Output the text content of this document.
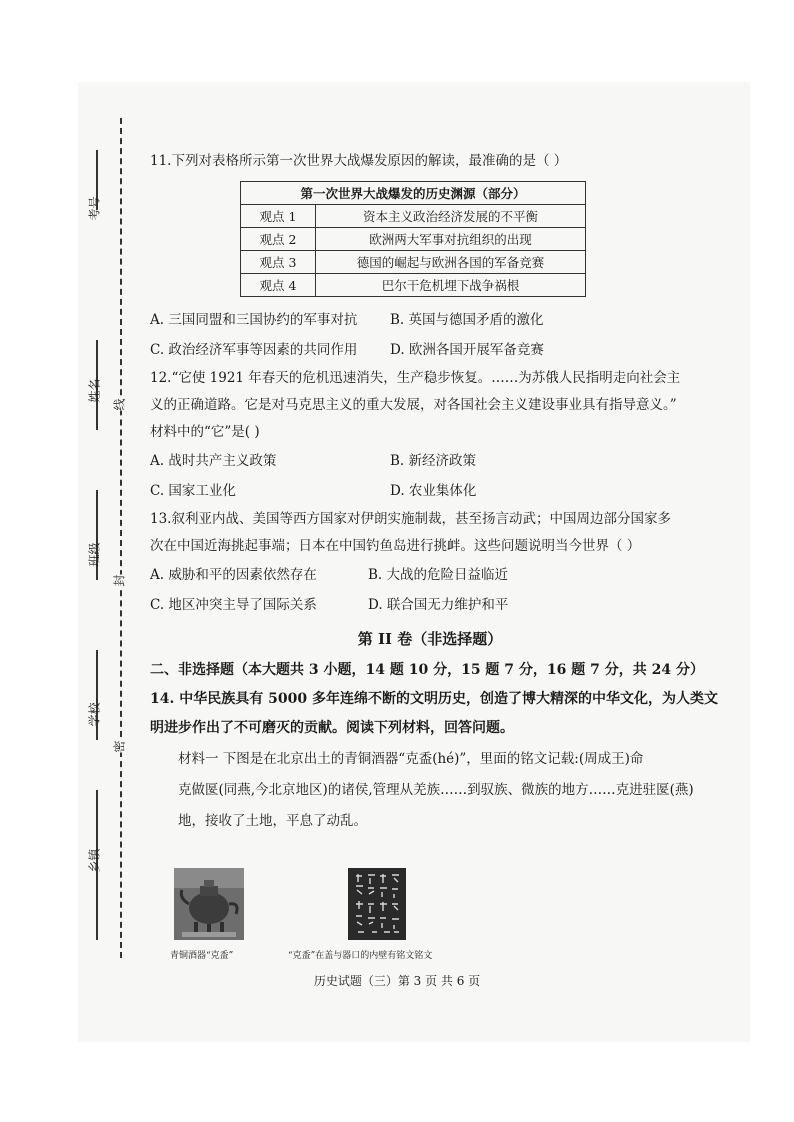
考号
姓名
班级
学校
乡镇
线
封
密

11.下列对表格所示第一次世界大战爆发原因的解读，最准确的是（ ）

第一次世界大战爆发的历史渊源（部分）	
观点 1	资本主义政治经济发展的不平衡
观点 2	欧洲两大军事对抗组织的出现
观点 3	德国的崛起与欧洲各国的军备竞赛
观点 4	巴尔干危机埋下战争祸根
A. 三国同盟和三国协约的军事对抗	B. 英国与德国矛盾的激化
C. 政治经济军事等因素的共同作用	D. 欧洲各国开展军备竞赛

12.“它使 1921 年春天的危机迅速消失，生产稳步恢复。……为苏俄人民指明走向社会主

义的正确道路。它是对马克思主义的重大发展，对各国社会主义建设事业具有指导意义。”

材料中的“它”是( )

A. 战时共产主义政策	B. 新经济政策
C. 国家工业化	D. 农业集体化

13.叙利亚内战、美国等西方国家对伊朗实施制裁，甚至扬言动武；中国周边部分国家多

次在中国近海挑起事端；日本在中国钓鱼岛进行挑衅。这些问题说明当今世界（ ）

A. 威胁和平的因素依然存在	B. 大战的危险日益临近
C. 地区冲突主导了国际关系	D. 联合国无力维护和平
第 II 卷（非选择题）
二、非选择题（本大题共 3 小题，14 题 10 分，15 题 7 分，16 题 7 分，共 24 分）
14. 中华民族具有 5000 多年连绵不断的文明历史，创造了博大精深的中华文化，为人类文
明进步作出了不可磨灭的贡献。阅读下列材料，回答问题。

材料一 下图是在北京出土的青铜酒器“克盉(hé)”，里面的铭文记载:(周成王)命

克做匽(同燕,今北京地区)的诸侯,管理从羌族……到驭族、微族的地方……克进驻匽(燕)

地，接收了土地，平息了动乱。

青铜酒器“克盉”	“克盉”在盖与器口的内壁有铭文铭文
历史试题（三）第 3 页 共 6 页
